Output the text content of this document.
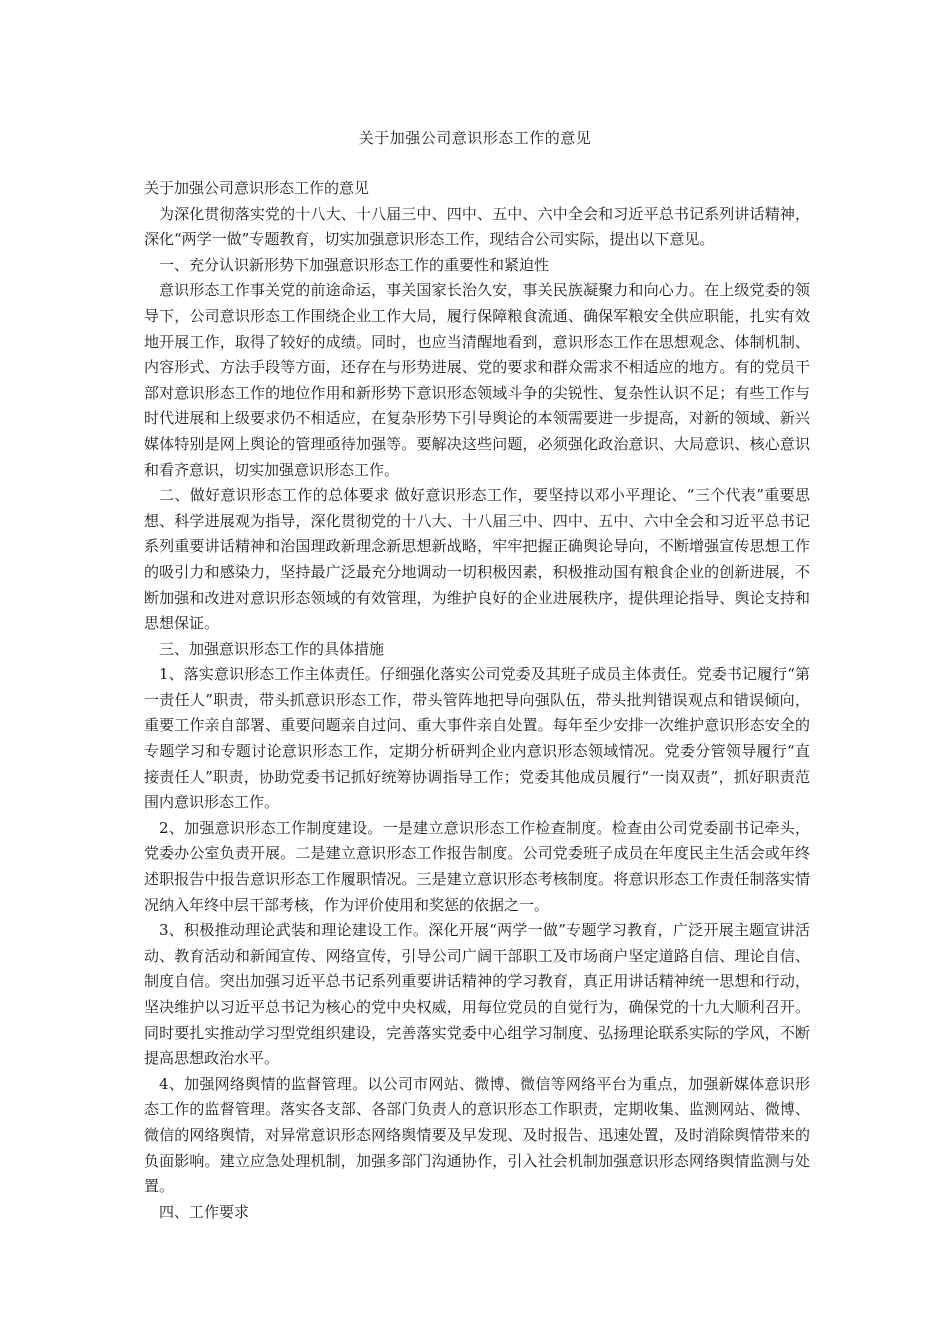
关于加强公司意识形态工作的意见

关于加强公司意识形态工作的意见

为深化贯彻落实党的十八大、十八届三中、四中、五中、六中全会和习近平总书记系列讲话精神，深化“两学一做”专题教育，切实加强意识形态工作，现结合公司实际，提出以下意见。

一、充分认识新形势下加强意识形态工作的重要性和紧迫性

意识形态工作事关党的前途命运，事关国家长治久安，事关民族凝聚力和向心力。在上级党委的领导下，公司意识形态工作围绕企业工作大局，履行保障粮食流通、确保军粮安全供应职能，扎实有效地开展工作，取得了较好的成绩。同时，也应当清醒地看到，意识形态工作在思想观念、体制机制、内容形式、方法手段等方面，还存在与形势进展、党的要求和群众需求不相适应的地方。有的党员干部对意识形态工作的地位作用和新形势下意识形态领域斗争的尖锐性、复杂性认识不足；有些工作与时代进展和上级要求仍不相适应，在复杂形势下引导舆论的本领需要进一步提高，对新的领域、新兴媒体特别是网上舆论的管理亟待加强等。要解决这些问题，必须强化政治意识、大局意识、核心意识和看齐意识，切实加强意识形态工作。

二、做好意识形态工作的总体要求 做好意识形态工作，要坚持以邓小平理论、“三个代表”重要思想、科学进展观为指导，深化贯彻党的十八大、十八届三中、四中、五中、六中全会和习近平总书记系列重要讲话精神和治国理政新理念新思想新战略，牢牢把握正确舆论导向，不断增强宣传思想工作的吸引力和感染力，坚持最广泛最充分地调动一切积极因素，积极推动国有粮食企业的创新进展，不断加强和改进对意识形态领域的有效管理，为维护良好的企业进展秩序，提供理论指导、舆论支持和思想保证。

三、加强意识形态工作的具体措施

1、落实意识形态工作主体责任。仔细强化落实公司党委及其班子成员主体责任。党委书记履行“第一责任人”职责，带头抓意识形态工作，带头管阵地把导向强队伍，带头批判错误观点和错误倾向，重要工作亲自部署、重要问题亲自过问、重大事件亲自处置。每年至少安排一次维护意识形态安全的专题学习和专题讨论意识形态工作，定期分析研判企业内意识形态领域情况。党委分管领导履行“直接责任人”职责，协助党委书记抓好统筹协调指导工作；党委其他成员履行“一岗双责”，抓好职责范围内意识形态工作。

2、加强意识形态工作制度建设。一是建立意识形态工作检查制度。检查由公司党委副书记牵头，党委办公室负责开展。二是建立意识形态工作报告制度。公司党委班子成员在年度民主生活会或年终述职报告中报告意识形态工作履职情况。三是建立意识形态考核制度。将意识形态工作责任制落实情况纳入年终中层干部考核，作为评价使用和奖惩的依据之一。

3、积极推动理论武装和理论建设工作。深化开展“两学一做”专题学习教育，广泛开展主题宣讲活动、教育活动和新闻宣传、网络宣传，引导公司广阔干部职工及市场商户坚定道路自信、理论自信、制度自信。突出加强习近平总书记系列重要讲话精神的学习教育，真正用讲话精神统一思想和行动，坚决维护以习近平总书记为核心的党中央权威，用每位党员的自觉行为，确保党的十九大顺利召开。同时要扎实推动学习型党组织建设，完善落实党委中心组学习制度、弘扬理论联系实际的学风，不断提高思想政治水平。

4、加强网络舆情的监督管理。以公司市网站、微博、微信等网络平台为重点，加强新媒体意识形态工作的监督管理。落实各支部、各部门负责人的意识形态工作职责，定期收集、监测网站、微博、微信的网络舆情，对异常意识形态网络舆情要及早发现、及时报告、迅速处置，及时消除舆情带来的负面影响。建立应急处理机制，加强多部门沟通协作，引入社会机制加强意识形态网络舆情监测与处置。

四、工作要求
